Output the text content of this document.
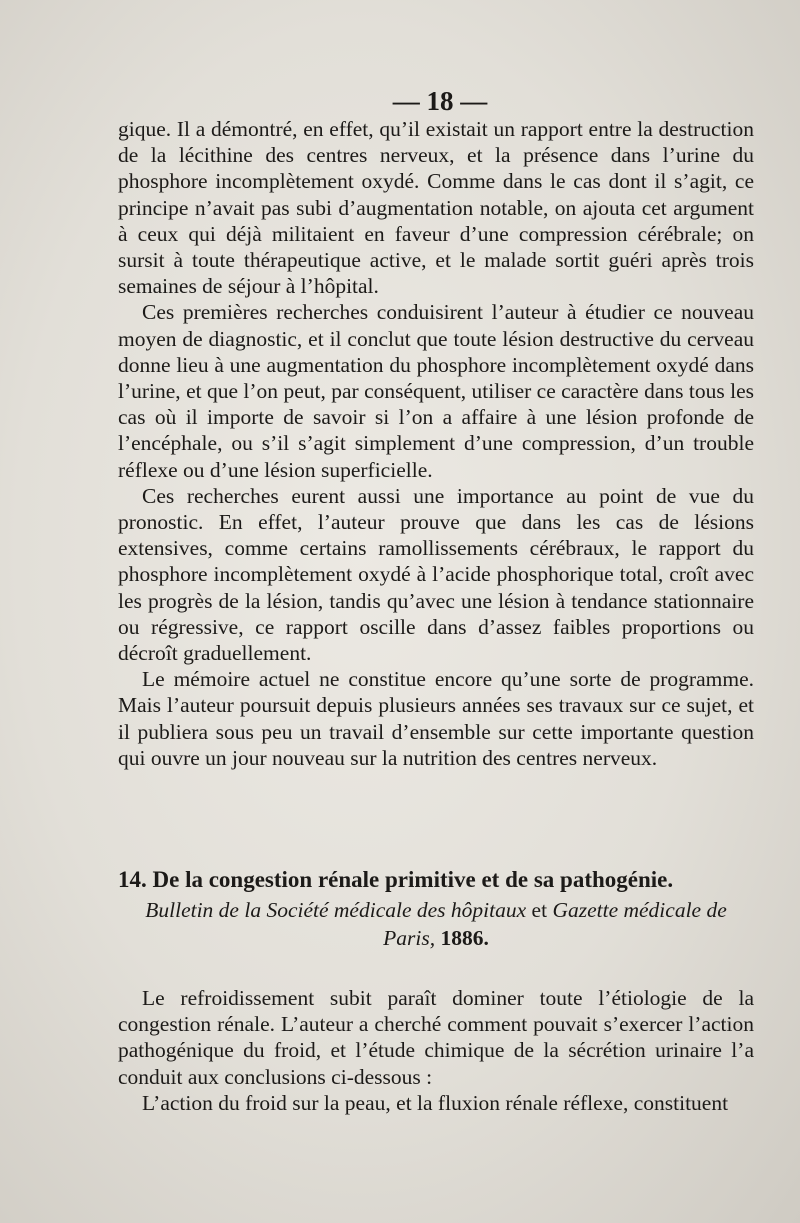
— 18 —

gique. Il a démontré, en effet, qu’il existait un rapport entre la destruction de la lécithine des centres nerveux, et la présence dans l’urine du phosphore incomplètement oxydé. Comme dans le cas dont il s’agit, ce principe n’avait pas subi d’augmentation notable, on ajouta cet argument à ceux qui déjà militaient en faveur d’une compression cérébrale; on sursit à toute thérapeutique active, et le malade sortit guéri après trois semaines de séjour à l’hôpital.

Ces premières recherches conduisirent l’auteur à étudier ce nouveau moyen de diagnostic, et il conclut que toute lésion destructive du cerveau donne lieu à une augmentation du phosphore incomplètement oxydé dans l’urine, et que l’on peut, par conséquent, utiliser ce caractère dans tous les cas où il importe de savoir si l’on a affaire à une lésion profonde de l’encéphale, ou s’il s’agit simplement d’une compression, d’un trouble réflexe ou d’une lésion superficielle.

Ces recherches eurent aussi une importance au point de vue du pronostic. En effet, l’auteur prouve que dans les cas de lésions extensives, comme certains ramollissements cérébraux, le rapport du phosphore incomplètement oxydé à l’acide phosphorique total, croît avec les progrès de la lésion, tandis qu’avec une lésion à tendance stationnaire ou régressive, ce rapport oscille dans d’assez faibles proportions ou décroît graduellement.

Le mémoire actuel ne constitue encore qu’une sorte de programme. Mais l’auteur poursuit depuis plusieurs années ses travaux sur ce sujet, et il publiera sous peu un travail d’ensemble sur cette importante question qui ouvre un jour nouveau sur la nutrition des centres nerveux.

14. De la congestion rénale primitive et de sa pathogénie.
Bulletin de la Société médicale des hôpitaux et Gazette médicale de Paris, 1886.

Le refroidissement subit paraît dominer toute l’étiologie de la congestion rénale. L’auteur a cherché comment pouvait s’exercer l’action pathogénique du froid, et l’étude chimique de la sécrétion urinaire l’a conduit aux conclusions ci-dessous :

L’action du froid sur la peau, et la fluxion rénale réflexe, constituent
